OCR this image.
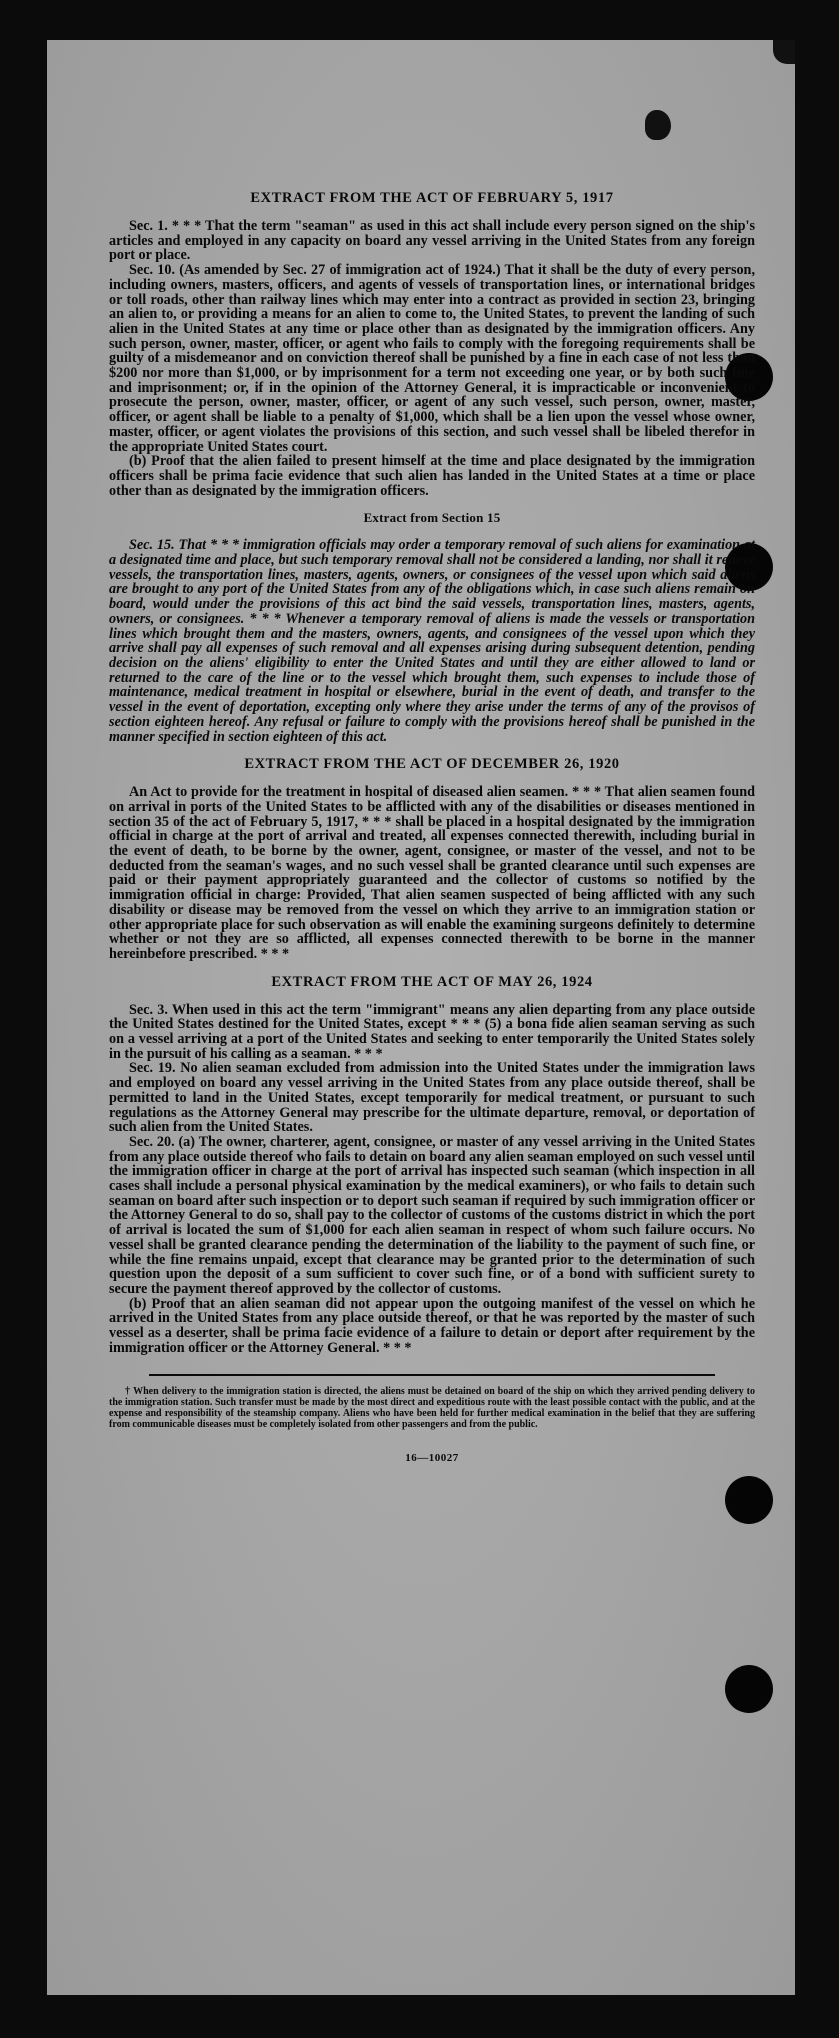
EXTRACT FROM THE ACT OF FEBRUARY 5, 1917

Sec. 1. * * * That the term "seaman" as used in this act shall include every person signed on the ship's articles and employed in any capacity on board any vessel arriving in the United States from any foreign port or place.

Sec. 10. (As amended by Sec. 27 of immigration act of 1924.) That it shall be the duty of every person, including owners, masters, officers, and agents of vessels of transportation lines, or international bridges or toll roads, other than railway lines which may enter into a contract as provided in section 23, bringing an alien to, or providing a means for an alien to come to, the United States, to prevent the landing of such alien in the United States at any time or place other than as designated by the immigration officers. Any such person, owner, master, officer, or agent who fails to comply with the foregoing requirements shall be guilty of a misdemeanor and on conviction thereof shall be punished by a fine in each case of not less than $200 nor more than $1,000, or by imprisonment for a term not exceeding one year, or by both such fine and imprisonment; or, if in the opinion of the Attorney General, it is impracticable or inconvenient to prosecute the person, owner, master, officer, or agent of any such vessel, such person, owner, master, officer, or agent shall be liable to a penalty of $1,000, which shall be a lien upon the vessel whose owner, master, officer, or agent violates the provisions of this section, and such vessel shall be libeled therefor in the appropriate United States court.

(b) Proof that the alien failed to present himself at the time and place designated by the immigration officers shall be prima facie evidence that such alien has landed in the United States at a time or place other than as designated by the immigration officers.

Extract from Section 15

Sec. 15. That * * * immigration officials may order a temporary removal of such aliens for examination at a designated time and place, but such temporary removal shall not be considered a landing, nor shall it relieve vessels, the transportation lines, masters, agents, owners, or consignees of the vessel upon which said aliens are brought to any port of the United States from any of the obligations which, in case such aliens remain on board, would under the provisions of this act bind the said vessels, transportation lines, masters, agents, owners, or consignees. * * * Whenever a temporary removal of aliens is made the vessels or transportation lines which brought them and the masters, owners, agents, and consignees of the vessel upon which they arrive shall pay all expenses of such removal and all expenses arising during subsequent detention, pending decision on the aliens' eligibility to enter the United States and until they are either allowed to land or returned to the care of the line or to the vessel which brought them, such expenses to include those of maintenance, medical treatment in hospital or elsewhere, burial in the event of death, and transfer to the vessel in the event of deportation, excepting only where they arise under the terms of any of the provisos of section eighteen hereof. Any refusal or failure to comply with the provisions hereof shall be punished in the manner specified in section eighteen of this act.

EXTRACT FROM THE ACT OF DECEMBER 26, 1920

An Act to provide for the treatment in hospital of diseased alien seamen. * * * That alien seamen found on arrival in ports of the United States to be afflicted with any of the disabilities or diseases mentioned in section 35 of the act of February 5, 1917, * * * shall be placed in a hospital designated by the immigration official in charge at the port of arrival and treated, all expenses connected therewith, including burial in the event of death, to be borne by the owner, agent, consignee, or master of the vessel, and not to be deducted from the seaman's wages, and no such vessel shall be granted clearance until such expenses are paid or their payment appropriately guaranteed and the collector of customs so notified by the immigration official in charge: Provided, That alien seamen suspected of being afflicted with any such disability or disease may be removed from the vessel on which they arrive to an immigration station or other appropriate place for such observation as will enable the examining surgeons definitely to determine whether or not they are so afflicted, all expenses connected therewith to be borne in the manner hereinbefore prescribed. * * *

EXTRACT FROM THE ACT OF MAY 26, 1924

Sec. 3. When used in this act the term "immigrant" means any alien departing from any place outside the United States destined for the United States, except * * * (5) a bona fide alien seaman serving as such on a vessel arriving at a port of the United States and seeking to enter temporarily the United States solely in the pursuit of his calling as a seaman. * * *

Sec. 19. No alien seaman excluded from admission into the United States under the immigration laws and employed on board any vessel arriving in the United States from any place outside thereof, shall be permitted to land in the United States, except temporarily for medical treatment, or pursuant to such regulations as the Attorney General may prescribe for the ultimate departure, removal, or deportation of such alien from the United States.

Sec. 20. (a) The owner, charterer, agent, consignee, or master of any vessel arriving in the United States from any place outside thereof who fails to detain on board any alien seaman employed on such vessel until the immigration officer in charge at the port of arrival has inspected such seaman (which inspection in all cases shall include a personal physical examination by the medical examiners), or who fails to detain such seaman on board after such inspection or to deport such seaman if required by such immigration officer or the Attorney General to do so, shall pay to the collector of customs of the customs district in which the port of arrival is located the sum of $1,000 for each alien seaman in respect of whom such failure occurs. No vessel shall be granted clearance pending the determination of the liability to the payment of such fine, or while the fine remains unpaid, except that clearance may be granted prior to the determination of such question upon the deposit of a sum sufficient to cover such fine, or of a bond with sufficient surety to secure the payment thereof approved by the collector of customs.

(b) Proof that an alien seaman did not appear upon the outgoing manifest of the vessel on which he arrived in the United States from any place outside thereof, or that he was reported by the master of such vessel as a deserter, shall be prima facie evidence of a failure to detain or deport after requirement by the immigration officer or the Attorney General. * * *

† When delivery to the immigration station is directed, the aliens must be detained on board of the ship on which they arrived pending delivery to the immigration station. Such transfer must be made by the most direct and expeditious route with the least possible contact with the public, and at the expense and responsibility of the steamship company. Aliens who have been held for further medical examination in the belief that they are suffering from communicable diseases must be completely isolated from other passengers and from the public.
16—10027
